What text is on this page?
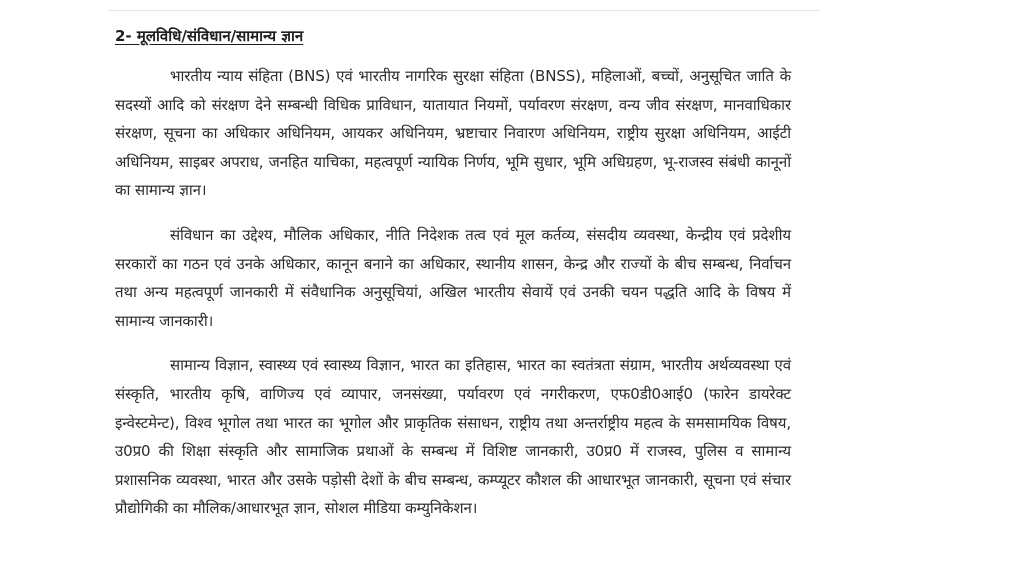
2- मूलविधि/संविधान/सामान्य ज्ञान

भारतीय न्याय संहिता (BNS) एवं भारतीय नागरिक सुरक्षा संहिता (BNSS), महिलाओं, बच्चों, अनुसूचित जाति के सदस्यों आदि को संरक्षण देने सम्बन्धी विधिक प्राविधान, यातायात नियमों, पर्यावरण संरक्षण, वन्य जीव संरक्षण, मानवाधिकार संरक्षण, सूचना का अधिकार अधिनियम, आयकर अधिनियम, भ्रष्टाचार निवारण अधिनियम, राष्ट्रीय सुरक्षा अधिनियम, आईटी अधिनियम, साइबर अपराध, जनहित याचिका, महत्वपूर्ण न्यायिक निर्णय, भूमि सुधार, भूमि अधिग्रहण, भू-राजस्व संबंधी कानूनों का सामान्य ज्ञान।

संविधान का उद्देश्य, मौलिक अधिकार, नीति निदेशक तत्व एवं मूल कर्तव्य, संसदीय व्यवस्था, केन्द्रीय एवं प्रदेशीय सरकारों का गठन एवं उनके अधिकार, कानून बनाने का अधिकार, स्थानीय शासन, केन्द्र और राज्यों के बीच सम्बन्ध, निर्वाचन तथा अन्य महत्वपूर्ण जानकारी में संवैधानिक अनुसूचियां, अखिल भारतीय सेवायें एवं उनकी चयन पद्धति आदि के विषय में सामान्य जानकारी।

सामान्य विज्ञान, स्वास्थ्य एवं स्वास्थ्य विज्ञान, भारत का इतिहास, भारत का स्वतंत्रता संग्राम, भारतीय अर्थव्यवस्था एवं संस्कृति, भारतीय कृषि, वाणिज्य एवं व्यापार, जनसंख्या, पर्यावरण एवं नगरीकरण, एफ0डी0आई0 (फारेन डायरेक्ट इन्वेस्टमेन्ट), विश्व भूगोल तथा भारत का भूगोल और प्राकृतिक संसाधन, राष्ट्रीय तथा अन्तर्राष्ट्रीय महत्व के समसामयिक विषय, उ0प्र0 की शिक्षा संस्कृति और सामाजिक प्रथाओं के सम्बन्ध में विशिष्ट जानकारी, उ0प्र0 में राजस्व, पुलिस व सामान्य प्रशासनिक व्यवस्था, भारत और उसके पड़ोसी देशों के बीच सम्बन्ध, कम्प्यूटर कौशल की आधारभूत जानकारी, सूचना एवं संचार प्रौद्योगिकी का मौलिक/आधारभूत ज्ञान, सोशल मीडिया कम्युनिकेशन।
